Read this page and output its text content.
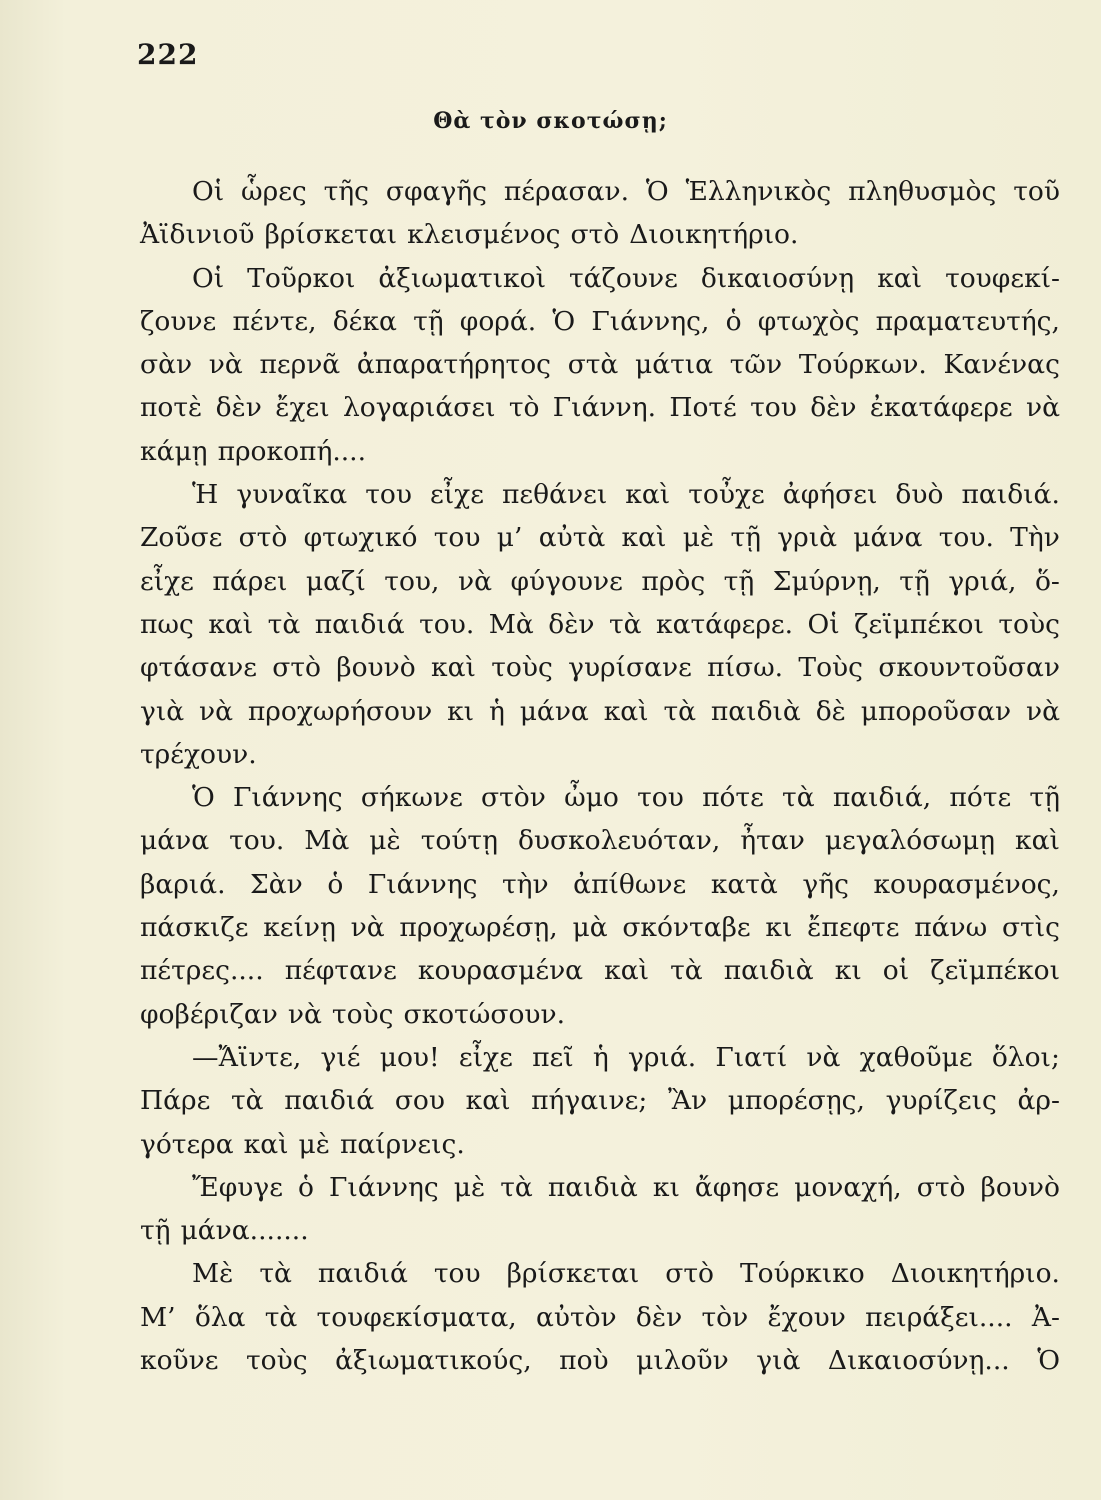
222
Θὰ τὸν σκοτώσῃ;
Οἱ ὧρες τῆς σφαγῆς πέρασαν. Ὁ Ἑλληνικὸς πληθυσμὸς τοῦ
Ἀϊδινιοῦ βρίσκεται κλεισμένος στὸ Διοικητήριο.
Οἱ Τοῦρκοι ἀξιωματικοὶ τάζουνε δικαιοσύνῃ καὶ τουφεκί-
ζουνε πέντε, δέκα τῇ φορά. Ὁ Γιάννης, ὁ φτωχὸς πραματευτής,
σὰν νὰ περνᾶ ἀπαρατήρητος στὰ μάτια τῶν Τούρκων. Κανένας
ποτὲ δὲν ἔχει λογαριάσει τὸ Γιάννη. Ποτέ του δὲν ἐκατάφερε νὰ
κάμῃ προκοπή....
Ἡ γυναῖκα του εἶχε πεθάνει καὶ τοὖχε ἀφήσει δυὸ παιδιά.
Ζοῦσε στὸ φτωχικό του μ’ αὐτὰ καὶ μὲ τῇ γριὰ μάνα του. Τὴν
εἶχε πάρει μαζί του, νὰ φύγουνε πρὸς τῇ Σμύρνῃ, τῇ γριά, ὅ-
πως καὶ τὰ παιδιά του. Μὰ δὲν τὰ κατάφερε. Οἱ ζεϊμπέκοι τοὺς
φτάσανε στὸ βουνὸ καὶ τοὺς γυρίσανε πίσω. Τοὺς σκουντοῦσαν
γιὰ νὰ προχωρήσουν κι ἡ μάνα καὶ τὰ παιδιὰ δὲ μποροῦσαν νὰ
τρέχουν.
Ὁ Γιάννης σήκωνε στὸν ὦμο του πότε τὰ παιδιά, πότε τῇ
μάνα του. Μὰ μὲ τούτῃ δυσκολευόταν, ἦταν μεγαλόσωμῃ καὶ
βαριά. Σὰν ὁ Γιάννης τὴν ἀπίθωνε κατὰ γῆς κουρασμένος,
πάσκιζε κείνῃ νὰ προχωρέσῃ, μὰ σκόνταβε κι ἔπεφτε πάνω στὶς
πέτρες.... πέφτανε κουρασμένα καὶ τὰ παιδιὰ κι οἱ ζεϊμπέκοι
φοβέριζαν νὰ τοὺς σκοτώσουν.
—Ἄϊντε, γιέ μου! εἶχε πεῖ ἡ γριά. Γιατί νὰ χαθοῦμε ὅλοι;
Πάρε τὰ παιδιά σου καὶ πήγαινε; Ἂν μπορέσῃς, γυρίζεις ἀρ-
γότερα καὶ μὲ παίρνεις.
Ἔφυγε ὁ Γιάννης μὲ τὰ παιδιὰ κι ἄφησε μοναχή, στὸ βουνὸ
τῇ μάνα.......
Μὲ τὰ παιδιά του βρίσκεται στὸ Τούρκικο Διοικητήριο.
Μ’ ὅλα τὰ τουφεκίσματα, αὐτὸν δὲν τὸν ἔχουν πειράξει.... Ἀ-
κοῦνε τοὺς ἀξιωματικούς, ποὺ μιλοῦν γιὰ Δικαιοσύνῃ... Ὁ
